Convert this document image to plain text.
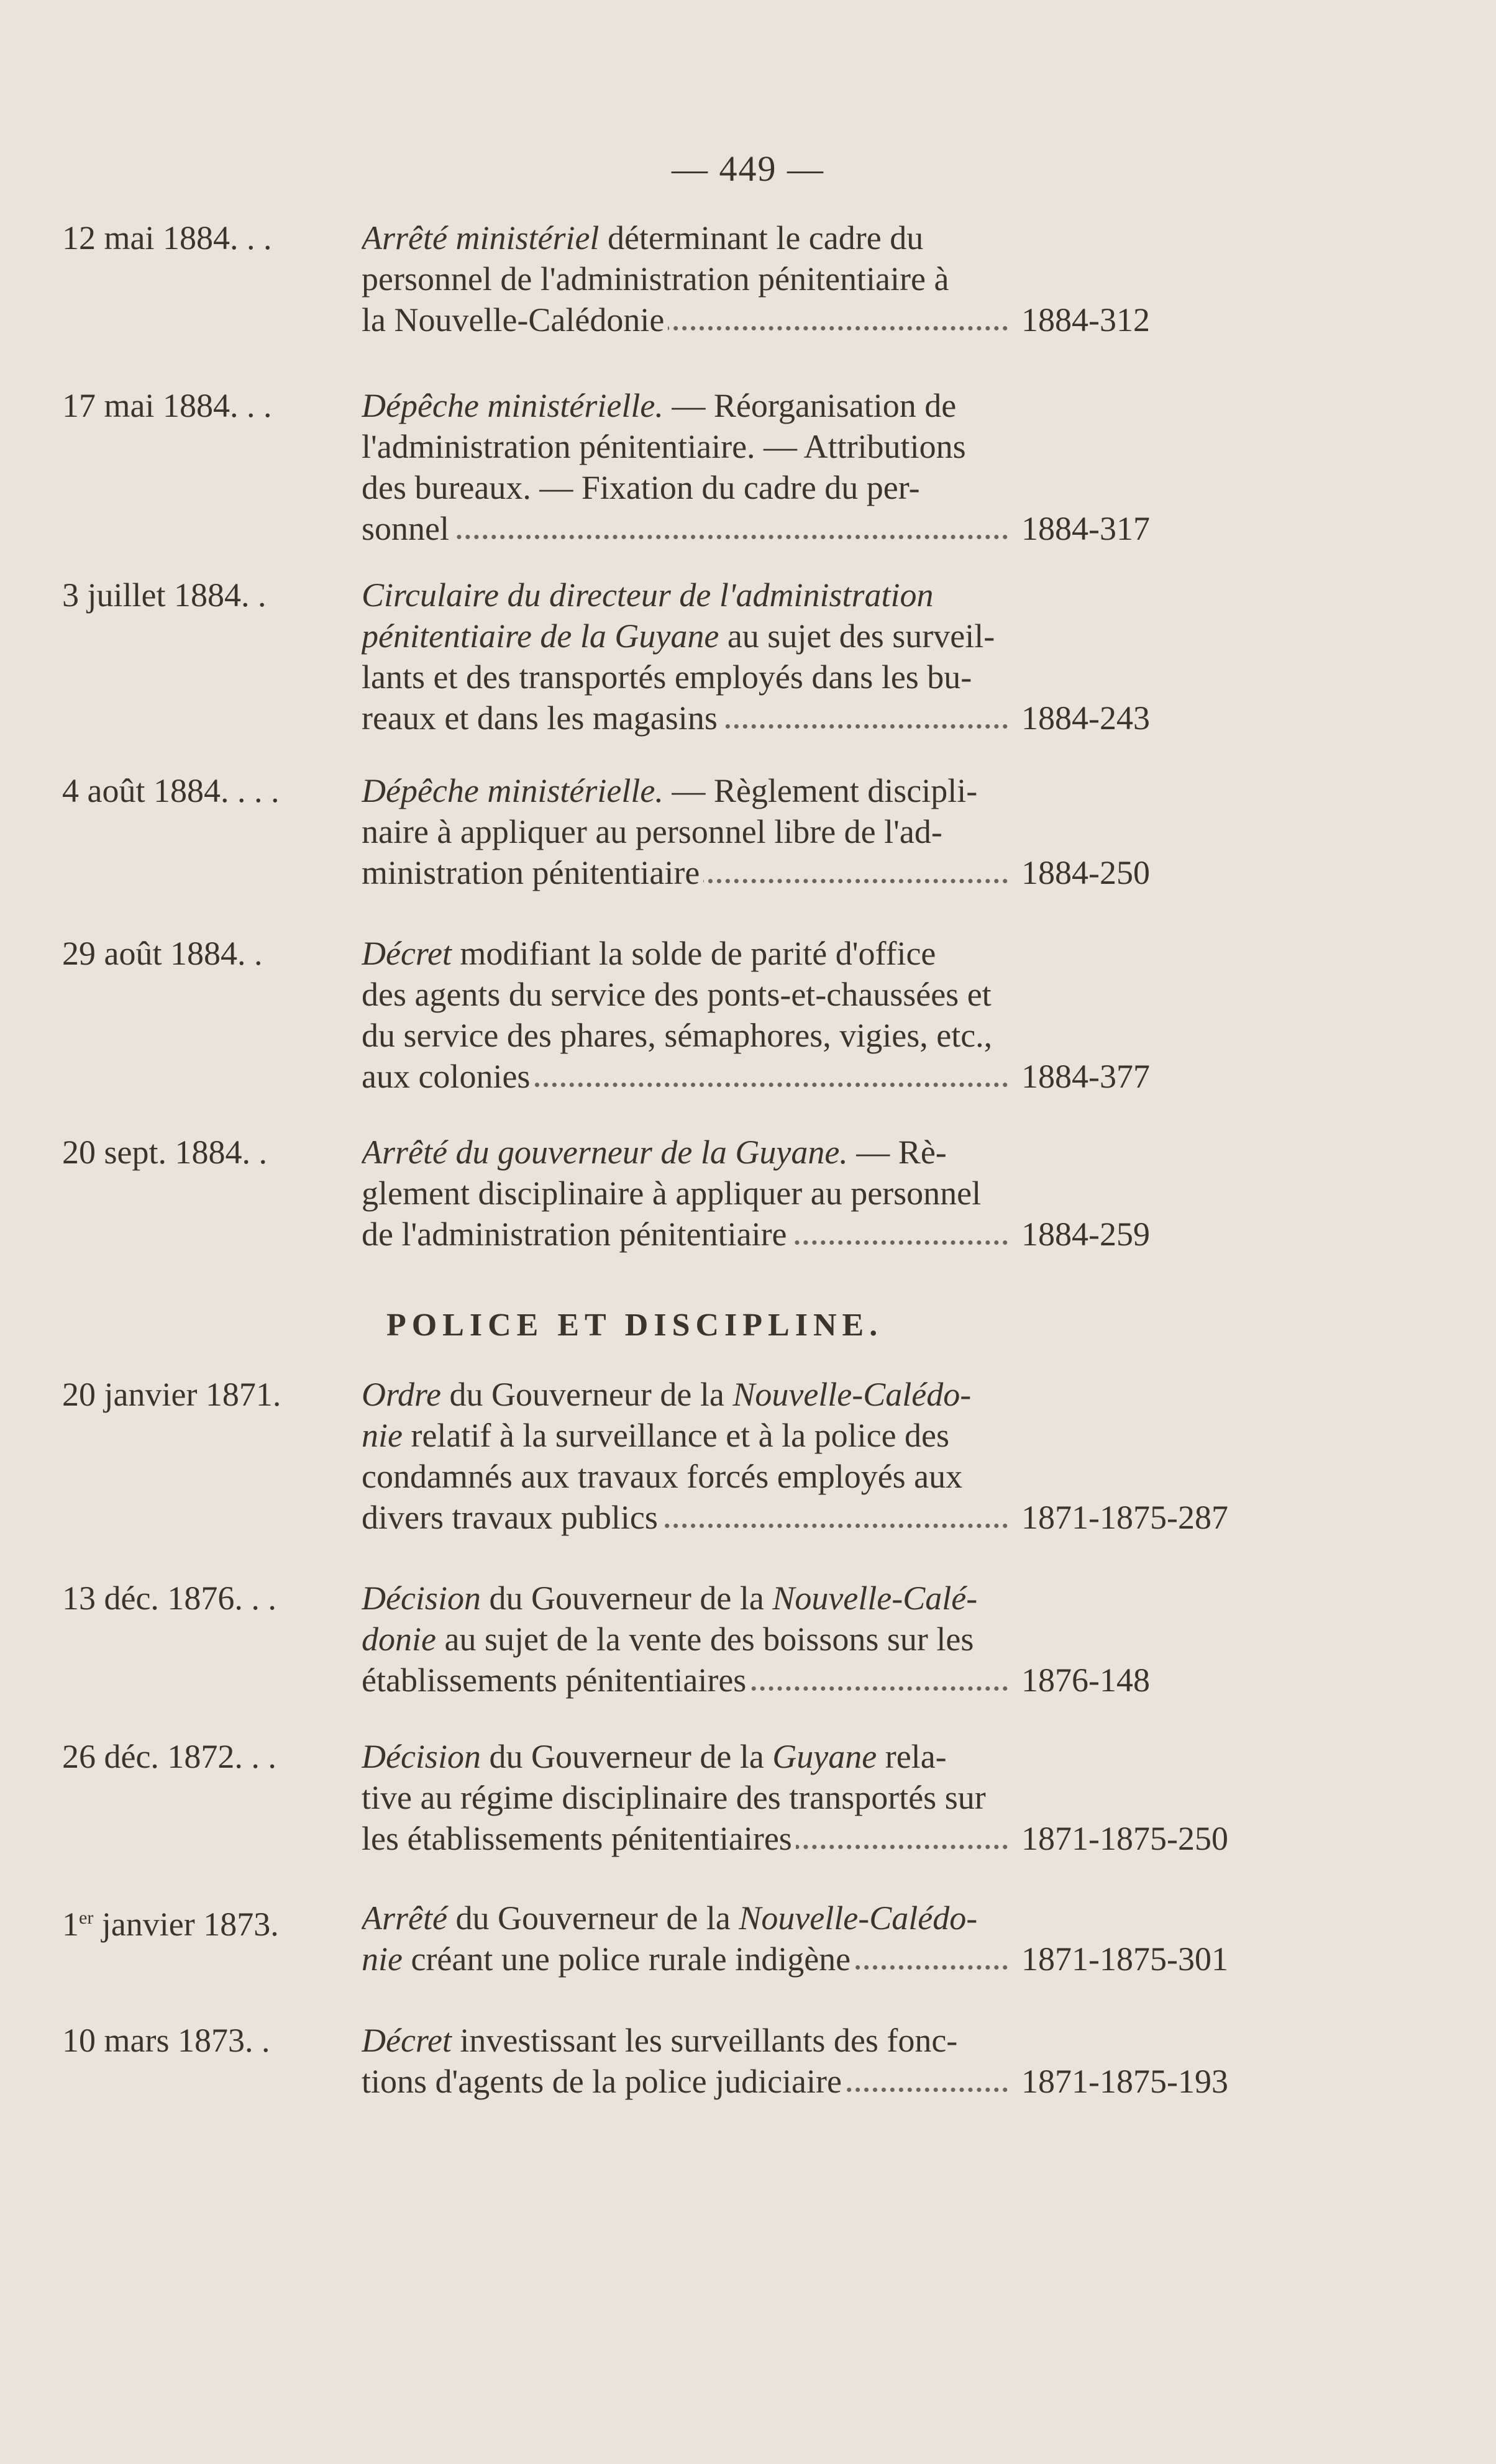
— 449 —
12 mai 1884. . .	Arrêté ministériel déterminant le cadre du
personnel de l'administration pénitentiaire à
la Nouvelle-Calédonie	1884-312
17 mai 1884. . .	Dépêche ministérielle. — Réorganisation de
l'administration pénitentiaire. — Attributions
des bureaux. — Fixation du cadre du per-
sonnel	1884-317
3 juillet 1884. .	Circulaire du directeur de l'administration
pénitentiaire de la Guyane au sujet des surveil-
lants et des transportés employés dans les bu-
reaux et dans les magasins	1884-243
4 août 1884. . . . Dépêche ministérielle. — Règlement discipli-
naire à appliquer au personnel libre de l'ad-
ministration pénitentiaire	1884-250
29 août 1884. .	Décret modifiant la solde de parité d'office
des agents du service des ponts-et-chaussées et
du service des phares, sémaphores, vigies, etc.,
aux colonies	1884-377
20 sept. 1884. .	Arrêté du gouverneur de la Guyane. — Rè-
glement disciplinaire à appliquer au personnel
de l'administration pénitentiaire	1884-259
POLICE ET DISCIPLINE.
20 janvier 1871. Ordre du Gouverneur de la Nouvelle-Calédo-
nie relatif à la surveillance et à la police des
condamnés aux travaux forcés employés aux
divers travaux publics	1871-1875-287
13 déc. 1876. . .	Décision du Gouverneur de la Nouvelle-Calé-
donie au sujet de la vente des boissons sur les
établissements pénitentiaires	1876-148
26 déc. 1872. . .	Décision du Gouverneur de la Guyane rela-
tive au régime disciplinaire des transportés sur
les établissements pénitentiaires	1871-1875-250
1er janvier 1873. Arrêté du Gouverneur de la Nouvelle-Calédo-
nie créant une police rurale indigène	1871-1875-301
10 mars 1873. .	Décret investissant les surveillants des fonc-
tions d'agents de la police judiciaire	1871-1875-193
